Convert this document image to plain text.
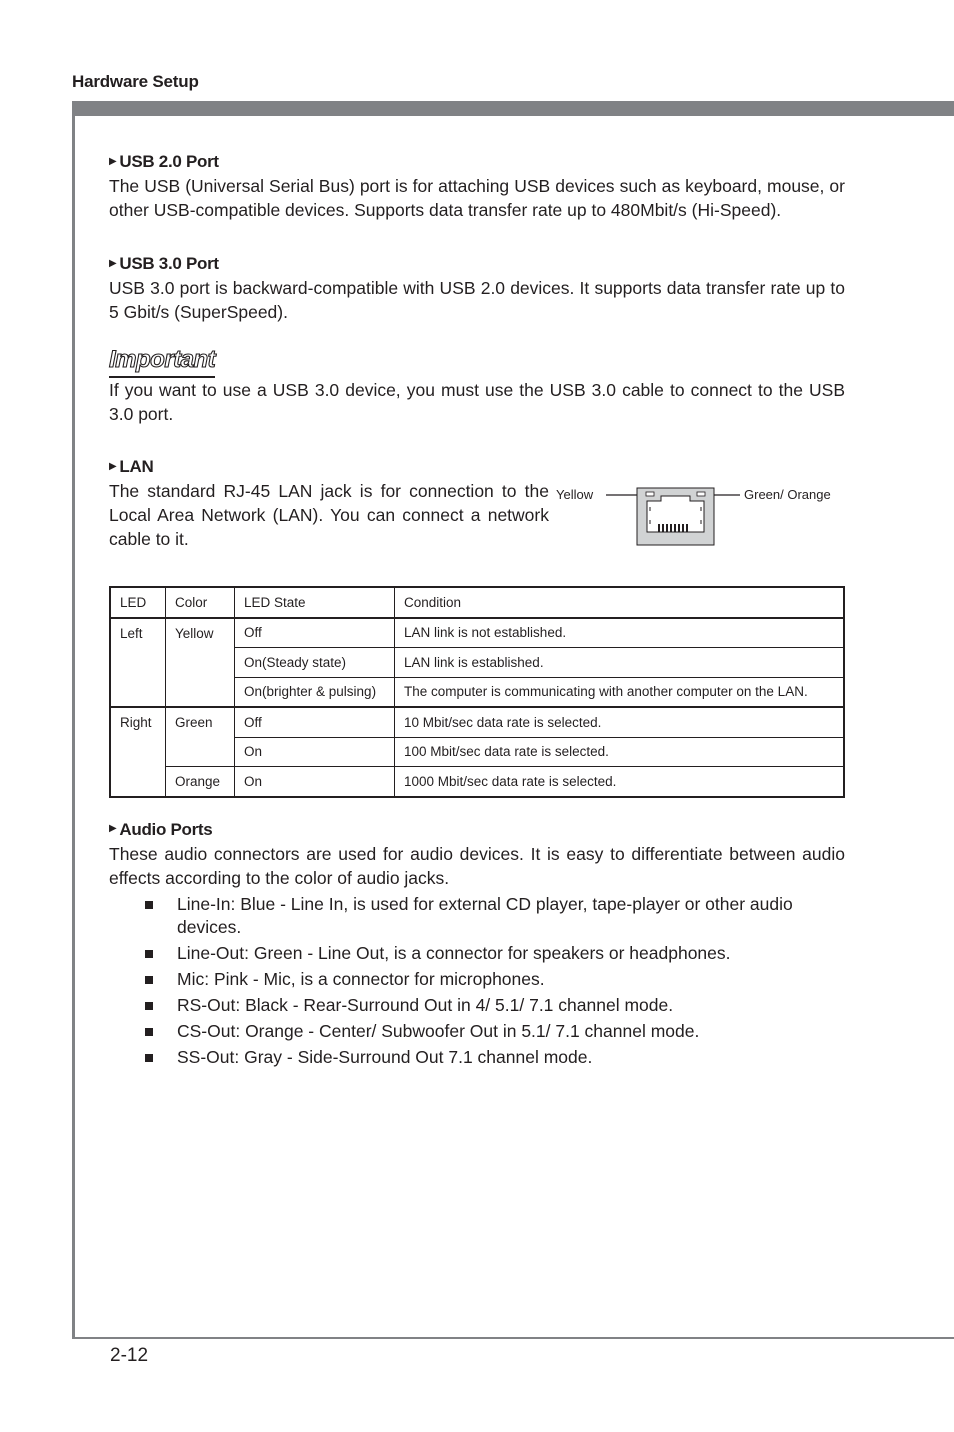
Hardware Setup
▶ USB 2.0 Port

The USB (Universal Serial Bus) port is for attaching USB devices such as keyboard, mouse, or other USB-compatible devices. Supports data transfer rate up to 480Mbit/s (Hi-Speed).

▶ USB 3.0 Port

USB 3.0 port is backward-compatible with USB 2.0 devices. It supports data transfer rate up to 5 Gbit/s (SuperSpeed).

Important

If you want to use a USB 3.0 device, you must use the USB 3.0 cable to connect to the USB 3.0 port.

▶ LAN

The standard RJ-45 LAN jack is for connection to the Local Area Network (LAN). You can connect a network cable to it.

Yellow	Green/ Orange
LED	Color	LED State	Condition
Left	Yellow	Off	LAN link is not established.
		On(Steady state)	LAN link is established.
		On(brighter & pulsing)	The computer is communicating with another computer on the LAN.
Right	Green	Off	10 Mbit/sec data rate is selected.
		On	100 Mbit/sec data rate is selected.
	Orange	On	1000 Mbit/sec data rate is selected.
▶ Audio Ports

These audio connectors are used for audio devices. It is easy to differentiate between audio effects according to the color of audio jacks.

Line-In: Blue - Line In, is used for external CD player, tape-player or other audio devices.
Line-Out: Green - Line Out, is a connector for speakers or headphones.
Mic: Pink - Mic, is a connector for microphones.
RS-Out: Black - Rear-Surround Out in 4/ 5.1/ 7.1 channel mode.
CS-Out: Orange - Center/ Subwoofer Out in 5.1/ 7.1 channel mode.
SS-Out: Gray - Side-Surround Out 7.1 channel mode.
2-12
